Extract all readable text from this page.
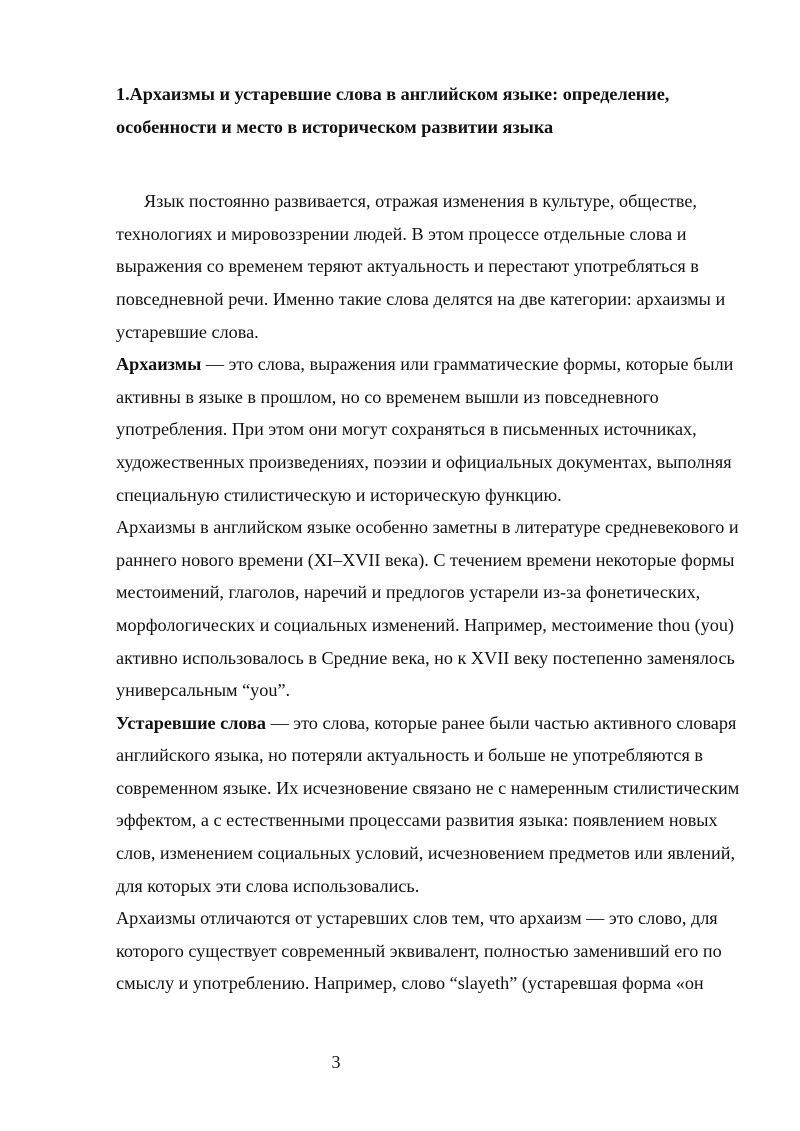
1.Архаизмы и устаревшие слова в английском языке: определение, особенности и место в историческом развитии языка

Язык постоянно развивается, отражая изменения в культуре, обществе, технологиях и мировоззрении людей. В этом процессе отдельные слова и выражения со временем теряют актуальность и перестают употребляться в повседневной речи. Именно такие слова делятся на две категории: архаизмы и устаревшие слова.

Архаизмы — это слова, выражения или грамматические формы, которые были активны в языке в прошлом, но со временем вышли из повседневного употребления. При этом они могут сохраняться в письменных источниках, художественных произведениях, поэзии и официальных документах, выполняя специальную стилистическую и историческую функцию.

Архаизмы в английском языке особенно заметны в литературе средневекового и раннего нового времени (XI–XVII века). С течением времени некоторые формы местоимений, глаголов, наречий и предлогов устарели из-за фонетических, морфологических и социальных изменений. Например, местоимение thou (you) активно использовалось в Средние века, но к XVII веку постепенно заменялось универсальным “you”.

Устаревшие слова — это слова, которые ранее были частью активного словаря английского языка, но потеряли актуальность и больше не употребляются в современном языке. Их исчезновение связано не с намеренным стилистическим эффектом, а с естественными процессами развития языка: появлением новых слов, изменением социальных условий, исчезновением предметов или явлений, для которых эти слова использовались.

Архаизмы отличаются от устаревших слов тем, что архаизм — это слово, для которого существует современный эквивалент, полностью заменивший его по смыслу и употреблению. Например, слово “slayeth” (устаревшая форма «он

3
